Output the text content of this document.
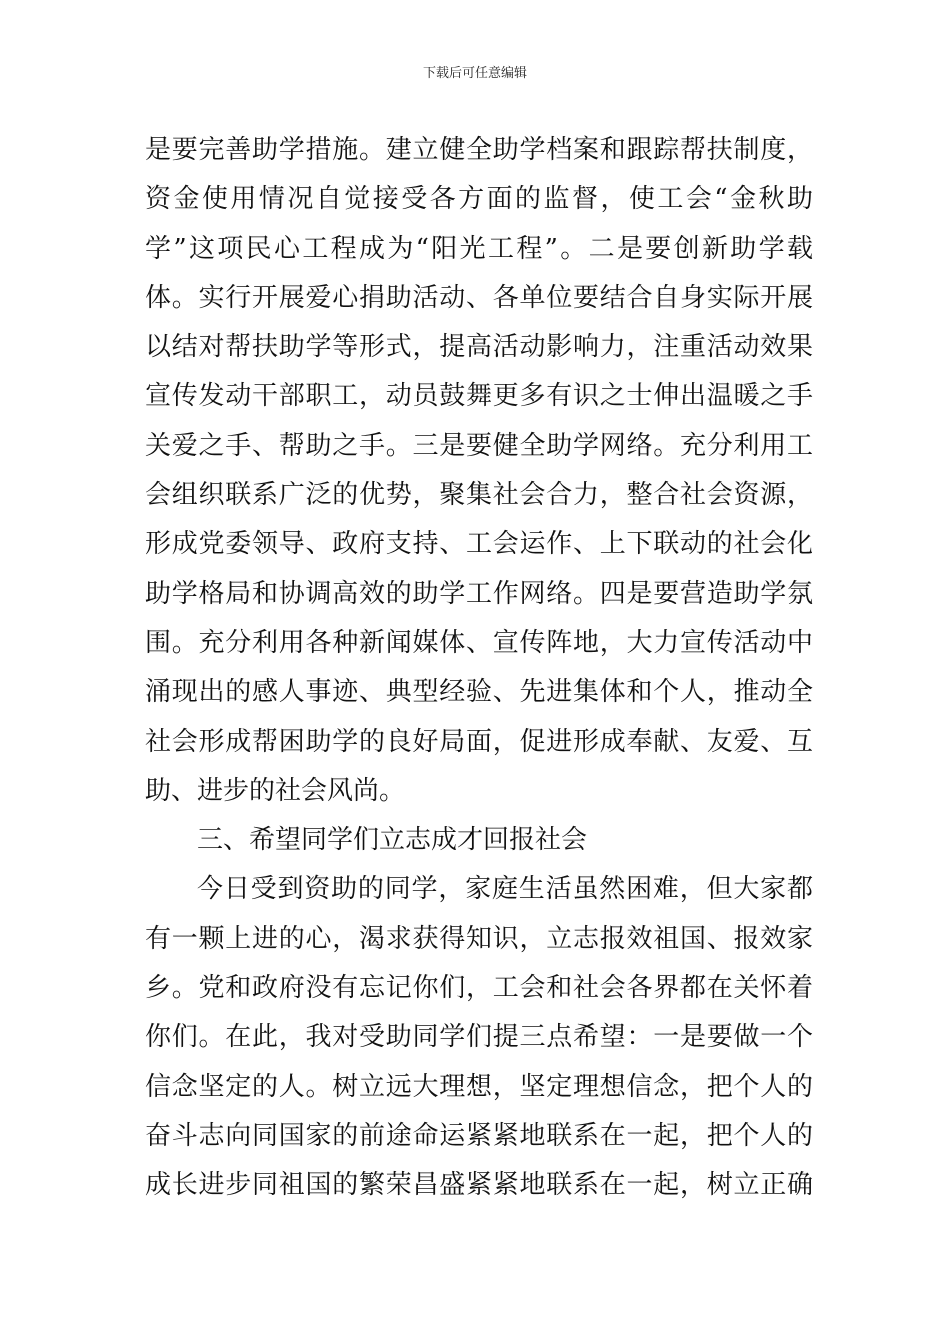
下载后可任意编辑
是要完善助学措施。建立健全助学档案和跟踪帮扶制度，
资金使用情况自觉接受各方面的监督，使工会“金秋助
学”这项民心工程成为“阳光工程”。二是要创新助学载
体。实行开展爱心捐助活动、各单位要结合自身实际开展
以结对帮扶助学等形式，提高活动影响力，注重活动效果
宣传发动干部职工，动员鼓舞更多有识之士伸出温暖之手
关爱之手、帮助之手。三是要健全助学网络。充分利用工
会组织联系广泛的优势，聚集社会合力，整合社会资源，
形成党委领导、政府支持、工会运作、上下联动的社会化
助学格局和协调高效的助学工作网络。四是要营造助学氛
围。充分利用各种新闻媒体、宣传阵地，大力宣传活动中
涌现出的感人事迹、典型经验、先进集体和个人，推动全
社会形成帮困助学的良好局面，促进形成奉献、友爱、互
助、进步的社会风尚。
三、希望同学们立志成才回报社会
今日受到资助的同学，家庭生活虽然困难，但大家都
有一颗上进的心，渴求获得知识，立志报效祖国、报效家
乡。党和政府没有忘记你们，工会和社会各界都在关怀着
你们。在此，我对受助同学们提三点希望：一是要做一个
信念坚定的人。树立远大理想，坚定理想信念，把个人的
奋斗志向同国家的前途命运紧紧地联系在一起，把个人的
成长进步同祖国的繁荣昌盛紧紧地联系在一起，树立正确
